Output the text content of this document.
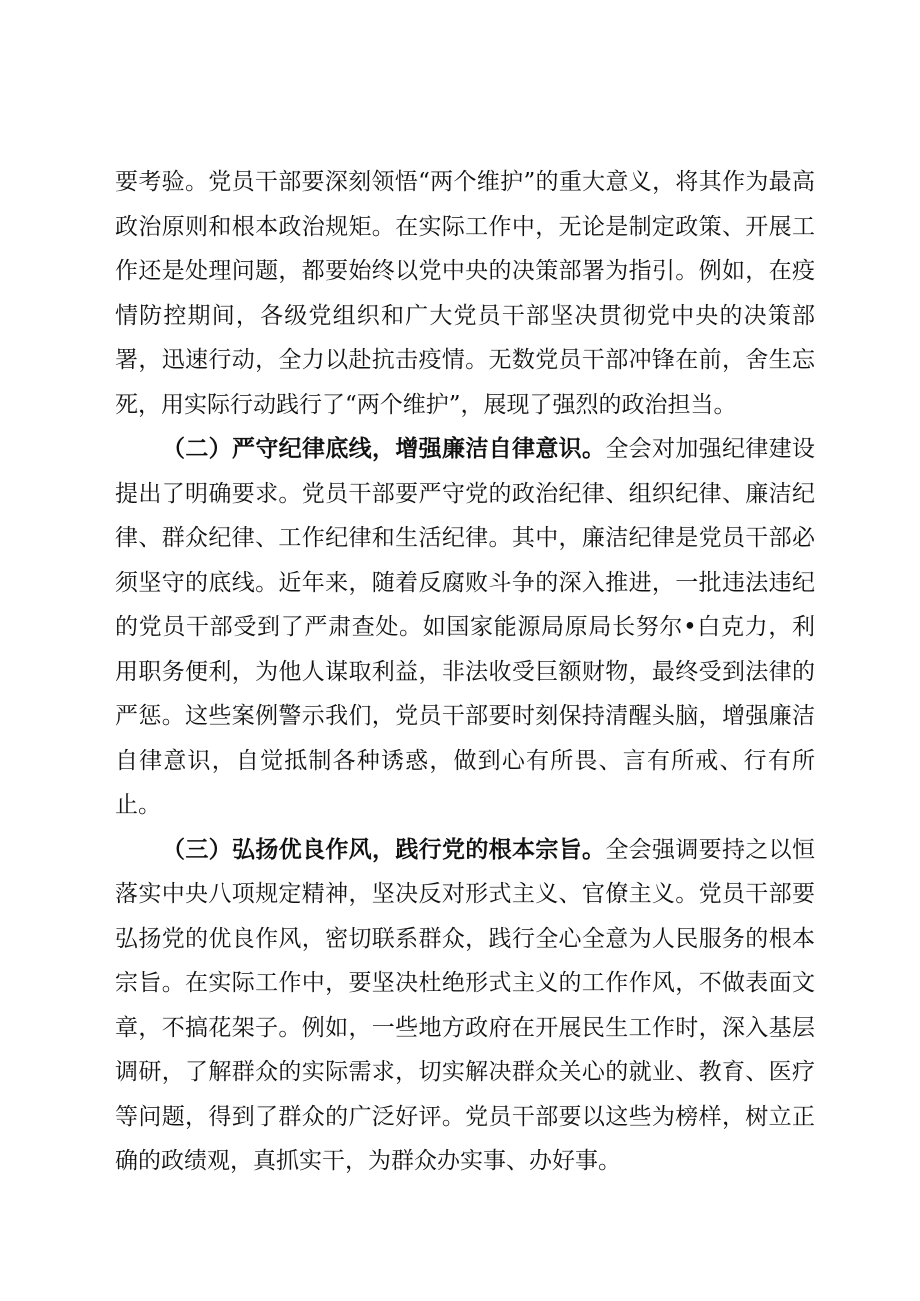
要考验。党员干部要深刻领悟“两个维护”的重大意义，将其作为最高政治原则和根本政治规矩。在实际工作中，无论是制定政策、开展工作还是处理问题，都要始终以党中央的决策部署为指引。例如，在疫情防控期间，各级党组织和广大党员干部坚决贯彻党中央的决策部署，迅速行动，全力以赴抗击疫情。无数党员干部冲锋在前，舍生忘死，用实际行动践行了“两个维护”，展现了强烈的政治担当。

（二）严守纪律底线，增强廉洁自律意识。全会对加强纪律建设提出了明确要求。党员干部要严守党的政治纪律、组织纪律、廉洁纪律、群众纪律、工作纪律和生活纪律。其中，廉洁纪律是党员干部必须坚守的底线。近年来，随着反腐败斗争的深入推进，一批违法违纪的党员干部受到了严肃查处。如国家能源局原局长努尔•白克力，利用职务便利，为他人谋取利益，非法收受巨额财物，最终受到法律的严惩。这些案例警示我们，党员干部要时刻保持清醒头脑，增强廉洁自律意识，自觉抵制各种诱惑，做到心有所畏、言有所戒、行有所止。

（三）弘扬优良作风，践行党的根本宗旨。全会强调要持之以恒落实中央八项规定精神，坚决反对形式主义、官僚主义。党员干部要弘扬党的优良作风，密切联系群众，践行全心全意为人民服务的根本宗旨。在实际工作中，要坚决杜绝形式主义的工作作风，不做表面文章，不搞花架子。例如，一些地方政府在开展民生工作时，深入基层调研，了解群众的实际需求，切实解决群众关心的就业、教育、医疗等问题，得到了群众的广泛好评。党员干部要以这些为榜样，树立正确的政绩观，真抓实干，为群众办实事、办好事。
